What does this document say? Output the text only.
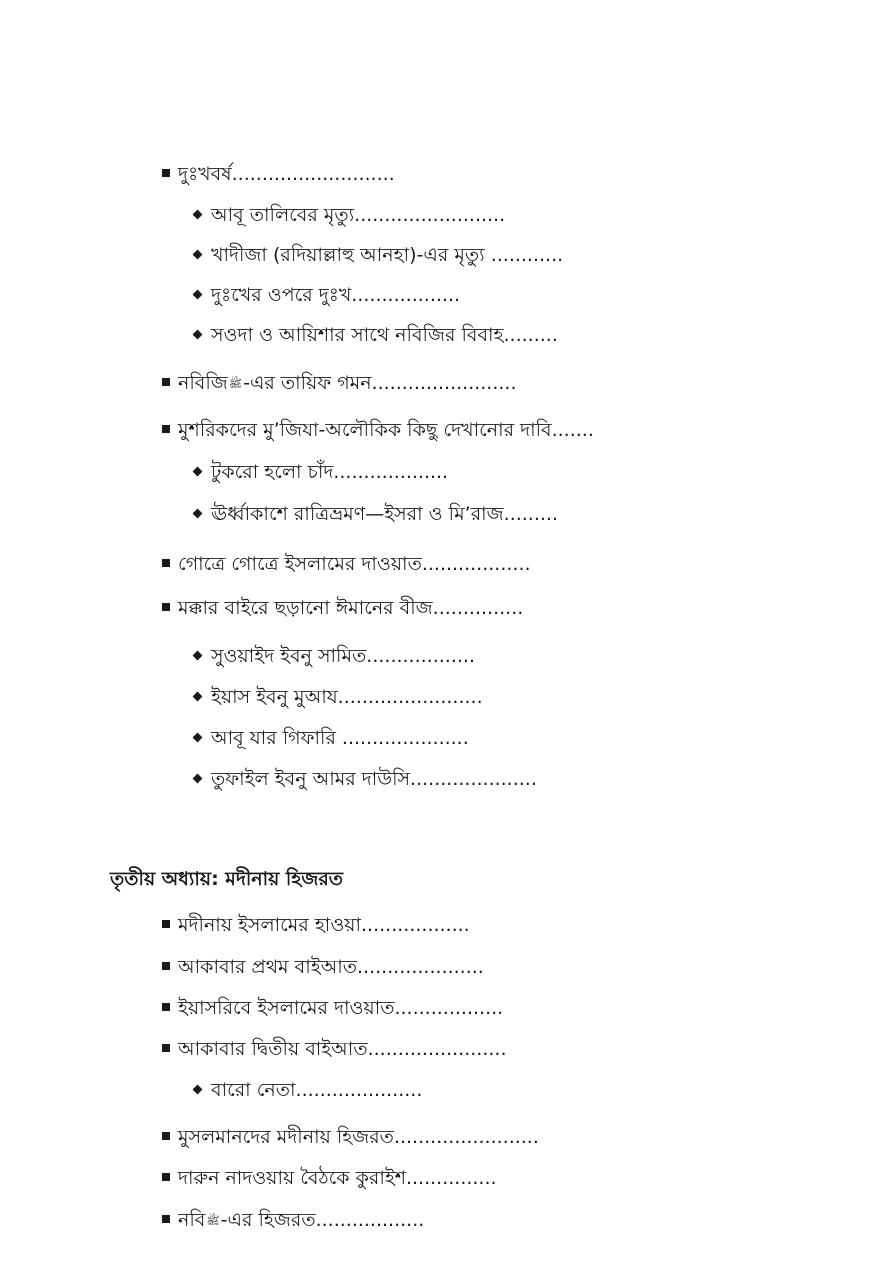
দুঃখবর্ষ...........................
আবূ তালিবের মৃত্যু.........................
খাদীজা (রদিয়াল্লাহু আনহা)-এর মৃত্যু ............
দুঃখের ওপরে দুঃখ..................
সওদা ও আয়িশার সাথে নবিজির বিবাহ.........
নবিজিﷺ-এর তায়িফ গমন........................
মুশরিকদের মু’জিযা-অলৌকিক কিছু দেখানোর দাবি.......
টুকরো হলো চাঁদ...................
ঊর্ধ্বাকাশে রাত্রিভ্রমণ—ইসরা ও মি’রাজ.........
গোত্রে গোত্রে ইসলামের দাওয়াত..................
মক্কার বাইরে ছড়ানো ঈমানের বীজ...............
সুওয়াইদ ইবনু সামিত..................
ইয়াস ইবনু মুআয........................
আবূ যার গিফারি .....................
তুফাইল ইবনু আমর দাউসি.....................
তৃতীয় অধ্যায়: মদীনায় হিজরত
মদীনায় ইসলামের হাওয়া..................
আকাবার প্রথম বাইআত.....................
ইয়াসরিবে ইসলামের দাওয়াত..................
আকাবার দ্বিতীয় বাইআত.......................
বারো নেতা.....................
মুসলমানদের মদীনায় হিজরত........................
দারুন নাদওয়ায় বৈঠকে কুরাইশ...............
নবিﷺ-এর হিজরত..................
